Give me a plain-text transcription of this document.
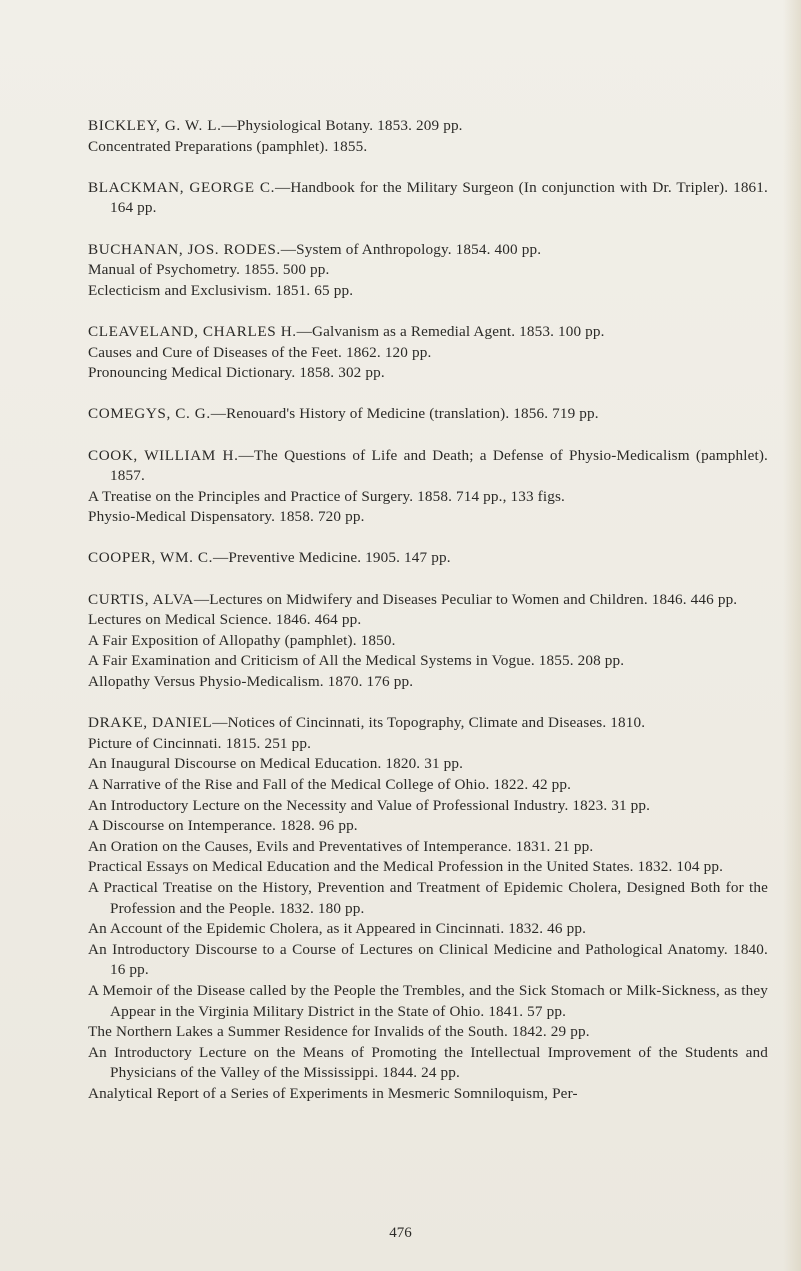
BICKLEY, G. W. L.—Physiological Botany. 1853. 209 pp.
Concentrated Preparations (pamphlet). 1855.
BLACKMAN, GEORGE C.—Handbook for the Military Surgeon (In conjunction with Dr. Tripler). 1861. 164 pp.
BUCHANAN, JOS. RODES.—System of Anthropology. 1854. 400 pp.
Manual of Psychometry. 1855. 500 pp.
Eclecticism and Exclusivism. 1851. 65 pp.
CLEAVELAND, CHARLES H.—Galvanism as a Remedial Agent. 1853. 100 pp.
Causes and Cure of Diseases of the Feet. 1862. 120 pp.
Pronouncing Medical Dictionary. 1858. 302 pp.
COMEGYS, C. G.—Renouard's History of Medicine (translation). 1856. 719 pp.
COOK, WILLIAM H.—The Questions of Life and Death; a Defense of Physio-Medicalism (pamphlet). 1857.
A Treatise on the Principles and Practice of Surgery. 1858. 714 pp., 133 figs.
Physio-Medical Dispensatory. 1858. 720 pp.
COOPER, WM. C.—Preventive Medicine. 1905. 147 pp.
CURTIS, ALVA—Lectures on Midwifery and Diseases Peculiar to Women and Children. 1846. 446 pp.
Lectures on Medical Science. 1846. 464 pp.
A Fair Exposition of Allopathy (pamphlet). 1850.
A Fair Examination and Criticism of All the Medical Systems in Vogue. 1855. 208 pp.
Allopathy Versus Physio-Medicalism. 1870. 176 pp.
DRAKE, DANIEL—Notices of Cincinnati, its Topography, Climate and Diseases. 1810.
Picture of Cincinnati. 1815. 251 pp.
An Inaugural Discourse on Medical Education. 1820. 31 pp.
A Narrative of the Rise and Fall of the Medical College of Ohio. 1822. 42 pp.
An Introductory Lecture on the Necessity and Value of Professional Industry. 1823. 31 pp.
A Discourse on Intemperance. 1828. 96 pp.
An Oration on the Causes, Evils and Preventatives of Intemperance. 1831. 21 pp.
Practical Essays on Medical Education and the Medical Profession in the United States. 1832. 104 pp.
A Practical Treatise on the History, Prevention and Treatment of Epidemic Cholera, Designed Both for the Profession and the People. 1832. 180 pp.
An Account of the Epidemic Cholera, as it Appeared in Cincinnati. 1832. 46 pp.
An Introductory Discourse to a Course of Lectures on Clinical Medicine and Pathological Anatomy. 1840. 16 pp.
A Memoir of the Disease called by the People the Trembles, and the Sick Stomach or Milk-Sickness, as they Appear in the Virginia Military District in the State of Ohio. 1841. 57 pp.
The Northern Lakes a Summer Residence for Invalids of the South. 1842. 29 pp.
An Introductory Lecture on the Means of Promoting the Intellectual Improvement of the Students and Physicians of the Valley of the Mississippi. 1844. 24 pp.
Analytical Report of a Series of Experiments in Mesmeric Somniloquism, Per-
476
